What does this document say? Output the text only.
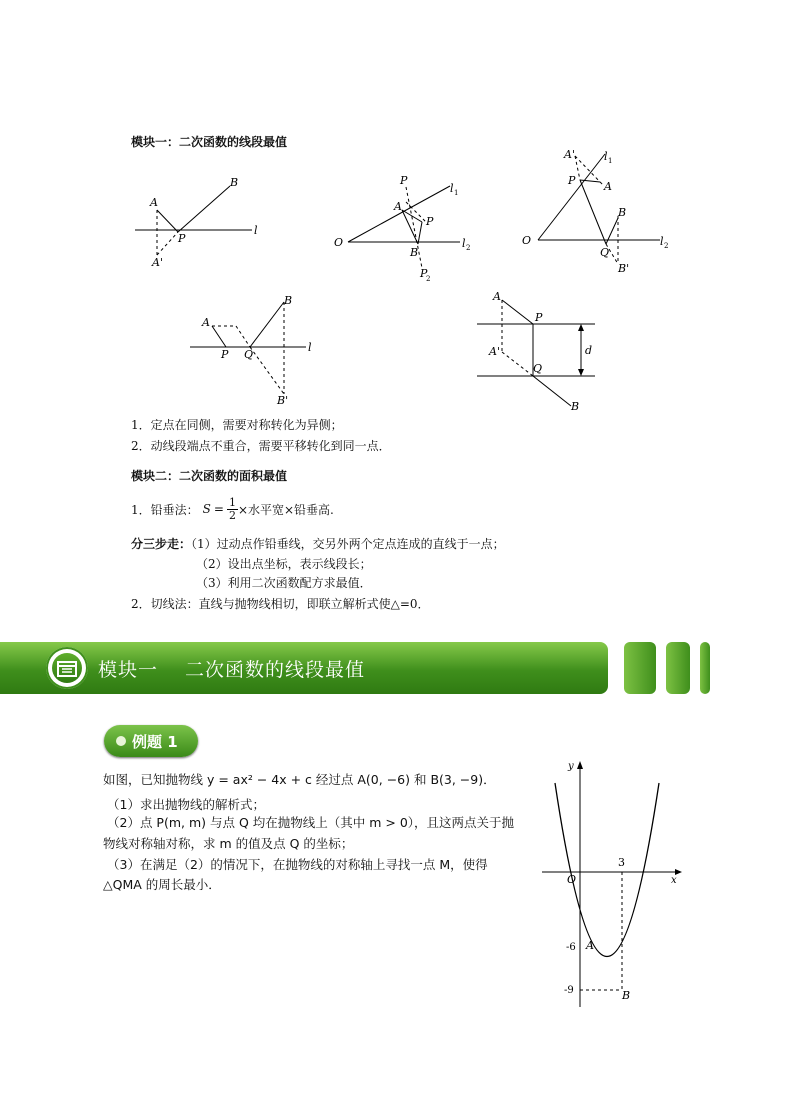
模块一：二次函数的线段最值
B
A
P
A'
l
O
P
A
P
B
l 1
l 2
P
2
O
A'	l 1
P	A
B
Q
B'
l 2
A
P Q
B
B'
l
A
P
A'
Q
B
d
1．定点在同侧，需要对称转化为异侧；
2．动线段端点不重合，需要平移转化到同一点．
模块二：二次函数的面积最值
1．铅垂法： $S = \frac{1}{2}$ ×水平宽×铅垂高.
分三步走：（1）过动点作铅垂线，交另外两个定点连成的直线于一点；
（2）设出点坐标，表示线段长；
（3）利用二次函数配方求最值．
2．切线法：直线与抛物线相切，即联立解析式使△=0．
模块一　 二次函数的线段最值
例题 1
如图，已知抛物线 y = ax² − 4x + c 经过点 A(0, −6) 和 B(3, −9)．
（1）求出抛物线的解析式；
（2）点 P(m, m) 与点 Q 均在抛物线上（其中 m > 0），且这两点关于抛
物线对称轴对称，求 m 的值及点 Q 的坐标；
（3）在满足（2）的情况下，在抛物线的对称轴上寻找一点 M，使得
△QMA 的周长最小．
y
x
O
3
-6 A
-9	B
